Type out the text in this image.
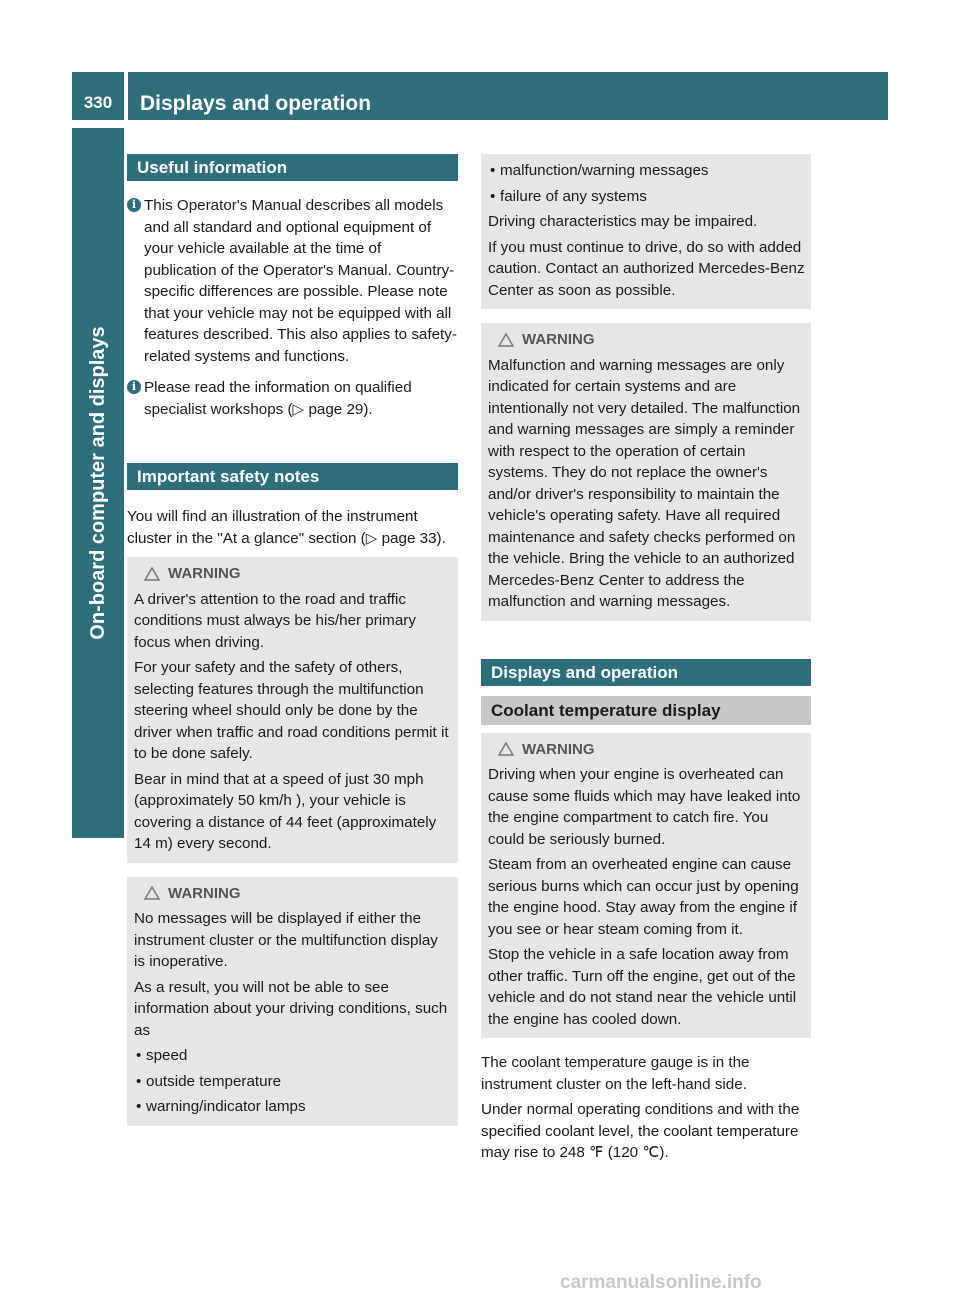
330	Displays and operation
On-board computer and displays
Useful information
i This Operator's Manual describes all models and all standard and optional equipment of your vehicle available at the time of publication of the Operator's Manual. Country-specific differences are possible. Please note that your vehicle may not be equipped with all features described. This also applies to safety-related systems and functions.

i Please read the information on qualified specialist workshops (▷ page 29).

Important safety notes

You will find an illustration of the instrument cluster in the "At a glance" section (▷ page 33).

WARNING

A driver's attention to the road and traffic conditions must always be his/her primary focus when driving.

For your safety and the safety of others, selecting features through the multifunction steering wheel should only be done by the driver when traffic and road conditions permit it to be done safely.

Bear in mind that at a speed of just 30 mph (approximately 50 km/h ), your vehicle is covering a distance of 44 feet (approximately 14 m) every second.

WARNING

No messages will be displayed if either the instrument cluster or the multifunction display is inoperative.

As a result, you will not be able to see information about your driving conditions, such as

• speed

• outside temperature

• warning/indicator lamps

• malfunction/warning messages

• failure of any systems

Driving characteristics may be impaired.

If you must continue to drive, do so with added caution. Contact an authorized Mercedes-Benz Center as soon as possible.

WARNING

Malfunction and warning messages are only indicated for certain systems and are intentionally not very detailed. The malfunction and warning messages are simply a reminder with respect to the operation of certain systems. They do not replace the owner's and/or driver's responsibility to maintain the vehicle's operating safety. Have all required maintenance and safety checks performed on the vehicle. Bring the vehicle to an authorized Mercedes-Benz Center to address the malfunction and warning messages.

Displays and operation
Coolant temperature display
WARNING

Driving when your engine is overheated can cause some fluids which may have leaked into the engine compartment to catch fire. You could be seriously burned.

Steam from an overheated engine can cause serious burns which can occur just by opening the engine hood. Stay away from the engine if you see or hear steam coming from it.

Stop the vehicle in a safe location away from other traffic. Turn off the engine, get out of the vehicle and do not stand near the vehicle until the engine has cooled down.

The coolant temperature gauge is in the instrument cluster on the left-hand side.

Under normal operating conditions and with the specified coolant level, the coolant temperature may rise to 248 ℉ (120 ℃).

carmanualsonline.info
